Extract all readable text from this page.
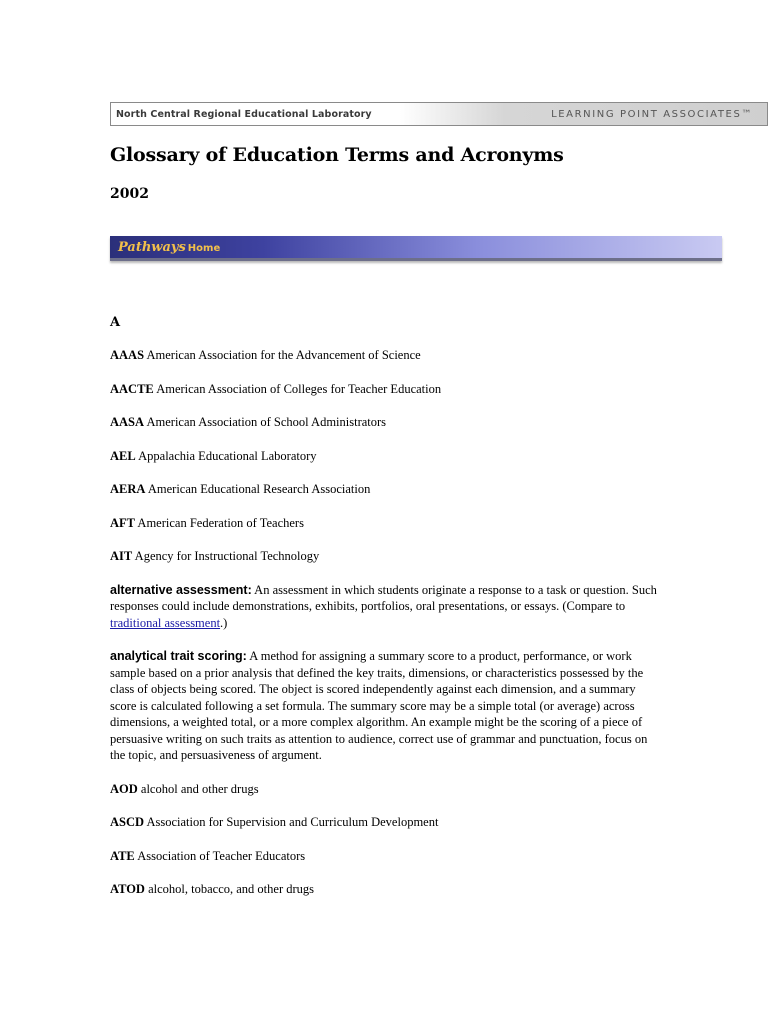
North Central Regional Educational Laboratory	LEARNING POINT ASSOCIATES™
Glossary of Education Terms and Acronyms
2002
Pathways Home
A

AAAS American Association for the Advancement of Science

AACTE American Association of Colleges for Teacher Education

AASA American Association of School Administrators

AEL Appalachia Educational Laboratory

AERA American Educational Research Association

AFT American Federation of Teachers

AIT Agency for Instructional Technology

alternative assessment: An assessment in which students originate a response to a task or question. Such responses could include demonstrations, exhibits, portfolios, oral presentations, or essays. (Compare to traditional assessment.)

analytical trait scoring: A method for assigning a summary score to a product, performance, or work sample based on a prior analysis that defined the key traits, dimensions, or characteristics possessed by the class of objects being scored. The object is scored independently against each dimension, and a summary score is calculated following a set formula. The summary score may be a simple total (or average) across dimensions, a weighted total, or a more complex algorithm. An example might be the scoring of a piece of persuasive writing on such traits as attention to audience, correct use of grammar and punctuation, focus on the topic, and persuasiveness of argument.

AOD alcohol and other drugs

ASCD Association for Supervision and Curriculum Development

ATE Association of Teacher Educators

ATOD alcohol, tobacco, and other drugs
